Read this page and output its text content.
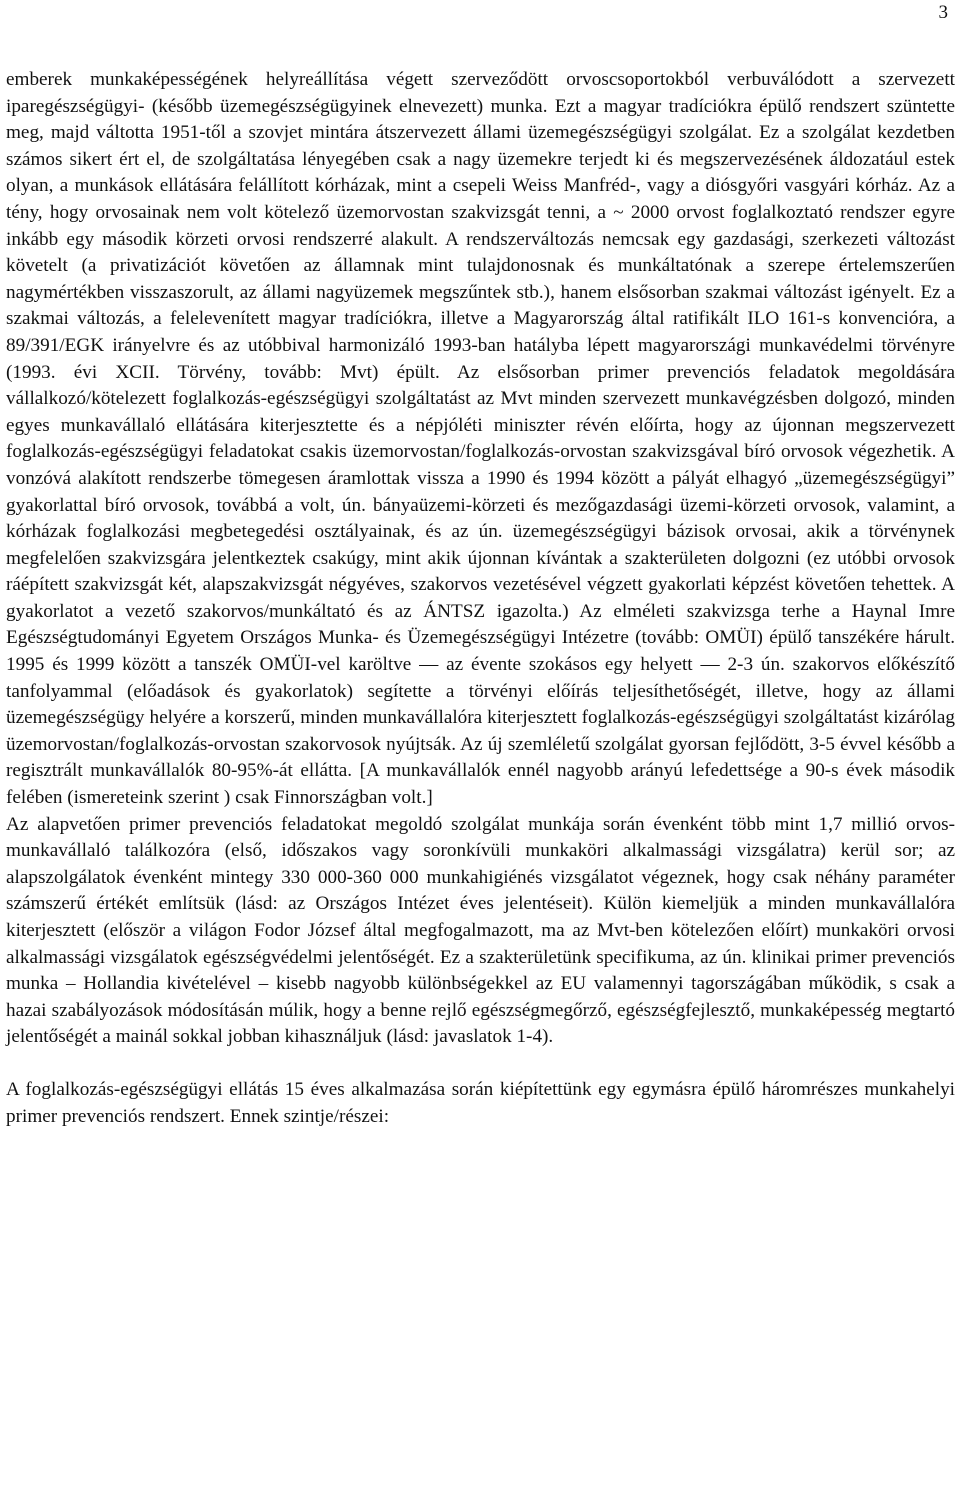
3

emberek munkaképességének helyreállítása végett szerveződött orvoscsoportokból verbuválódott a szervezett iparegészségügyi- (később üzemegészségügyinek elnevezett) munka. Ezt a magyar tradíciókra épülő rendszert szüntette meg, majd váltotta 1951-től a szovjet mintára átszervezett állami üzemegészségügyi szolgálat. Ez a szolgálat kezdetben számos sikert ért el, de szolgáltatása lényegében csak a nagy üzemekre terjedt ki és megszervezésének áldozatául estek olyan, a munkások ellátására felállított kórházak, mint a csepeli Weiss Manfréd-, vagy a diósgyőri vasgyári kórház. Az a tény, hogy orvosainak nem volt kötelező üzemorvostan szakvizsgát tenni, a ~ 2000 orvost foglalkoztató rendszer egyre inkább egy második körzeti orvosi rendszerré alakult. A rendszerváltozás nemcsak egy gazdasági, szerkezeti változást követelt (a privatizációt követően az államnak mint tulajdonosnak és munkáltatónak a szerepe értelemszerűen nagymértékben visszaszorult, az állami nagyüzemek megszűntek stb.), hanem elsősorban szakmai változást igényelt. Ez a szakmai változás, a felelevenített magyar tradíciókra, illetve a Magyarország által ratifikált ILO 161-s konvencióra, a 89/391/EGK irányelvre és az utóbbival harmonizáló 1993-ban hatályba lépett magyarországi munkavédelmi törvényre (1993. évi XCII. Törvény, tovább: Mvt) épült. Az elsősorban primer prevenciós feladatok megoldására vállalkozó/kötelezett foglalkozás-egészségügyi szolgáltatást az Mvt minden szervezett munkavégzésben dolgozó, minden egyes munkavállaló ellátására kiterjesztette és a népjóléti miniszter révén előírta, hogy az újonnan megszervezett foglalkozás-egészségügyi feladatokat csakis üzemorvostan/foglalkozás-orvostan szakvizsgával bíró orvosok végezhetik. A vonzóvá alakított rendszerbe tömegesen áramlottak vissza a 1990 és 1994 között a pályát elhagyó „üzemegészségügyi” gyakorlattal bíró orvosok, továbbá a volt, ún. bányaüzemi-körzeti és mezőgazdasági üzemi-körzeti orvosok, valamint, a kórházak foglalkozási megbetegedési osztályainak, és az ún. üzemegészségügyi bázisok orvosai, akik a törvénynek megfelelően szakvizsgára jelentkeztek csakúgy, mint akik újonnan kívántak a szakterületen dolgozni (ez utóbbi orvosok ráépített szakvizsgát két, alapszakvizsgát négyéves, szakorvos vezetésével végzett gyakorlati képzést követően tehettek. A gyakorlatot a vezető szakorvos/munkáltató és az ÁNTSZ igazolta.) Az elméleti szakvizsga terhe a Haynal Imre Egészségtudományi Egyetem Országos Munka- és Üzemegészségügyi Intézetre (tovább: OMÜI) épülő tanszékére hárult. 1995 és 1999 között a tanszék OMÜI-vel karöltve — az évente szokásos egy helyett — 2-3 ún. szakorvos előkészítő tanfolyammal (előadások és gyakorlatok) segítette a törvényi előírás teljesíthetőségét, illetve, hogy az állami üzemegészségügy helyére a korszerű, minden munkavállalóra kiterjesztett foglalkozás-egészségügyi szolgáltatást kizárólag üzemorvostan/foglalkozás-orvostan szakorvosok nyújtsák. Az új szemléletű szolgálat gyorsan fejlődött, 3-5 évvel később a regisztrált munkavállalók 80-95%-át ellátta. [A munkavállalók ennél nagyobb arányú lefedettsége a 90-s évek második felében (ismereteink szerint ) csak Finnországban volt.]

Az alapvetően primer prevenciós feladatokat megoldó szolgálat munkája során évenként több mint 1,7 millió orvos-munkavállaló találkozóra (első, időszakos vagy soronkívüli munkaköri alkalmassági vizsgálatra) kerül sor; az alapszolgálatok évenként mintegy 330 000-360 000 munkahigiénés vizsgálatot végeznek, hogy csak néhány paraméter számszerű értékét említsük (lásd: az Országos Intézet éves jelentéseit). Külön kiemeljük a minden munkavállalóra kiterjesztett (először a világon Fodor József által megfogalmazott, ma az Mvt-ben kötelezően előírt) munkaköri orvosi alkalmassági vizsgálatok egészségvédelmi jelentőségét. Ez a szakterületünk specifikuma, az ún. klinikai primer prevenciós munka – Hollandia kivételével – kisebb nagyobb különbségekkel az EU valamennyi tagországában működik, s csak a hazai szabályozások módosításán múlik, hogy a benne rejlő egészségmegőrző, egészségfejlesztő, munkaképesség megtartó jelentőségét a mainál sokkal jobban kihasználjuk (lásd: javaslatok 1-4).

A foglalkozás-egészségügyi ellátás 15 éves alkalmazása során kiépítettünk egy egymásra épülő háromrészes munkahelyi primer prevenciós rendszert. Ennek szintje/részei:
